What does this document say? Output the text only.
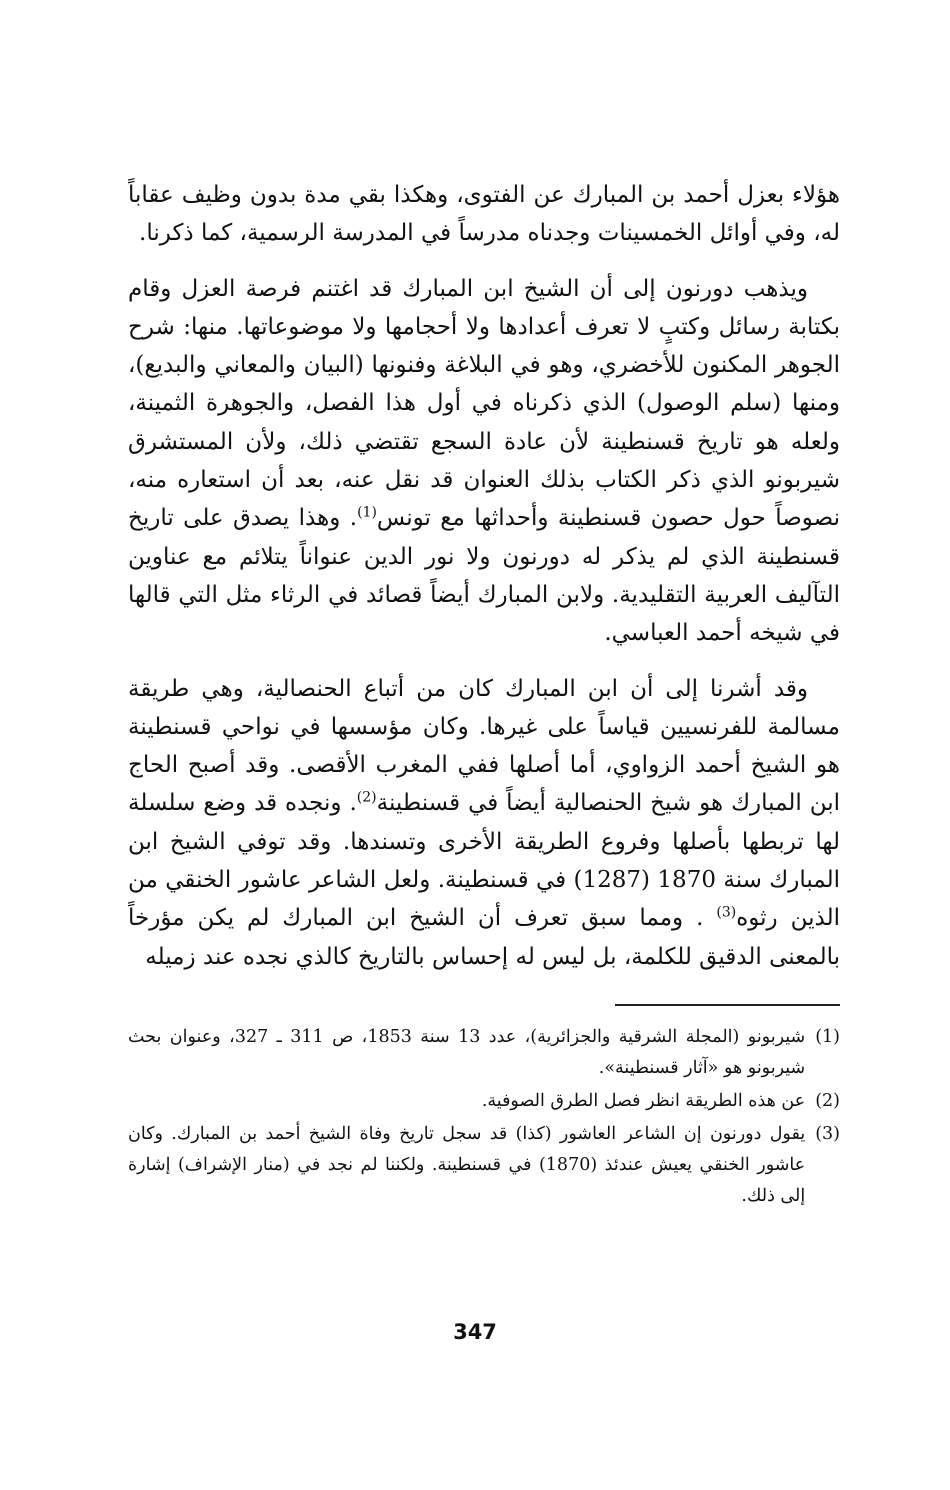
هؤلاء بعزل أحمد بن المبارك عن الفتوى، وهكذا بقي مدة بدون وظيف عقاباً له، وفي أوائل الخمسينات وجدناه مدرساً في المدرسة الرسمية، كما ذكرنا.

ويذهب دورنون إلى أن الشيخ ابن المبارك قد اغتنم فرصة العزل وقام بكتابة رسائل وكتبٍ لا تعرف أعدادها ولا أحجامها ولا موضوعاتها. منها: شرح الجوهر المكنون للأخضري، وهو في البلاغة وفنونها (البيان والمعاني والبديع)، ومنها (سلم الوصول) الذي ذكرناه في أول هذا الفصل، والجوهرة الثمينة، ولعله هو تاريخ قسنطينة لأن عادة السجع تقتضي ذلك، ولأن المستشرق شيربونو الذي ذكر الكتاب بذلك العنوان قد نقل عنه، بعد أن استعاره منه، نصوصاً حول حصون قسنطينة وأحداثها مع تونس$^{(1)}$. وهذا يصدق على تاريخ قسنطينة الذي لم يذكر له دورنون ولا نور الدين عنواناً يتلائم مع عناوين التآليف العربية التقليدية. ولابن المبارك أيضاً قصائد في الرثاء مثل التي قالها في شيخه أحمد العباسي.

وقد أشرنا إلى أن ابن المبارك كان من أتباع الحنصالية، وهي طريقة مسالمة للفرنسيين قياساً على غيرها. وكان مؤسسها في نواحي قسنطينة هو الشيخ أحمد الزواوي، أما أصلها ففي المغرب الأقصى. وقد أصبح الحاج ابن المبارك هو شيخ الحنصالية أيضاً في قسنطينة$^{(2)}$. ونجده قد وضع سلسلة لها تربطها بأصلها وفروع الطريقة الأخرى وتسندها. وقد توفي الشيخ ابن المبارك سنة 1870 (1287) في قسنطينة. ولعل الشاعر عاشور الخنقي من الذين رثوه$^{(3)}$ . ومما سبق تعرف أن الشيخ ابن المبارك لم يكن مؤرخاً بالمعنى الدقيق للكلمة، بل ليس له إحساس بالتاريخ كالذي نجده عند زميله

(1)
شيربونو (المجلة الشرقية والجزائرية)، عدد 13 سنة 1853، ص 311 ـ 327، وعنوان بحث شيربونو هو «آثار قسنطينة».
(2)
عن هذه الطريقة انظر فصل الطرق الصوفية.
(3)
يقول دورنون إن الشاعر العاشور (كذا) قد سجل تاريخ وفاة الشيخ أحمد بن المبارك. وكان عاشور الخنقي يعيش عندئذ (1870) في قسنطينة. ولكننا لم نجد في (منار الإشراف) إشارة إلى ذلك.
347
